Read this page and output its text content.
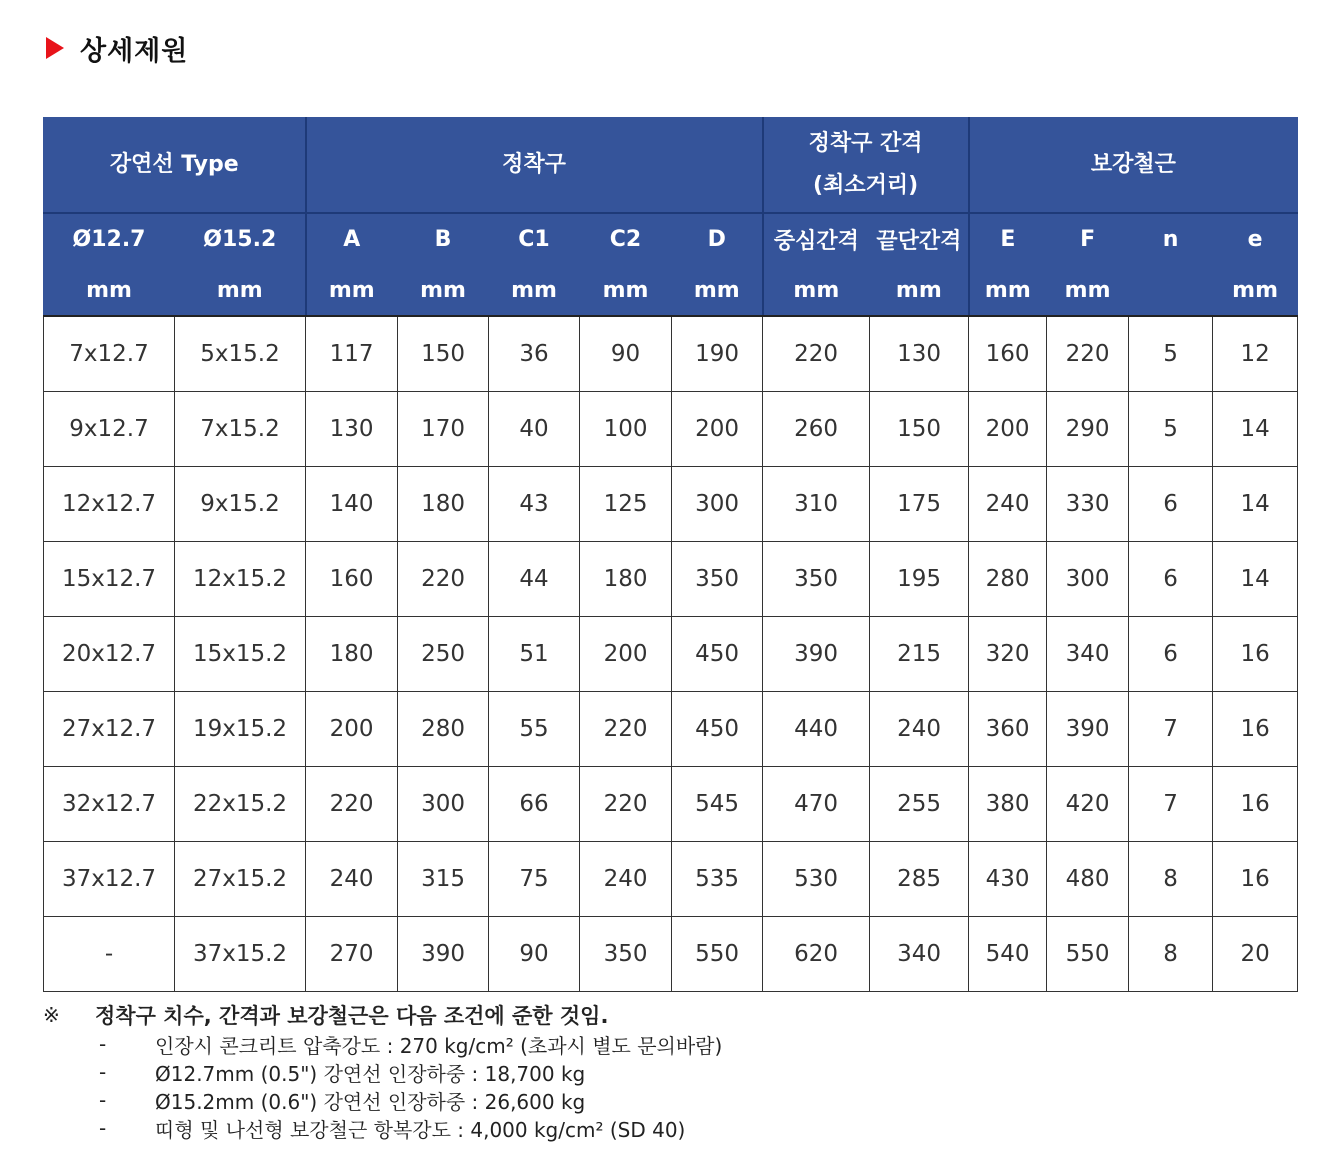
상세제원
강연선 Type		정착구					정착구 간격
(최소거리)		보강철근			
Ø12.7	Ø15.2	A	B	C1	C2	D	중심간격	끝단간격	E	F	n	e
mm	mm	mm	mm	mm	mm	mm	mm	mm	mm	mm		mm
7x12.7	5x15.2	117	150	36	90	190	220	130	160	220	5	12
9x12.7	7x15.2	130	170	40	100	200	260	150	200	290	5	14
12x12.7	9x15.2	140	180	43	125	300	310	175	240	330	6	14
15x12.7	12x15.2	160	220	44	180	350	350	195	280	300	6	14
20x12.7	15x15.2	180	250	51	200	450	390	215	320	340	6	16
27x12.7	19x15.2	200	280	55	220	450	440	240	360	390	7	16
32x12.7	22x15.2	220	300	66	220	545	470	255	380	420	7	16
37x12.7	27x15.2	240	315	75	240	535	530	285	430	480	8	16
-	37x15.2	270	390	90	350	550	620	340	540	550	8	20
※	정착구 치수, 간격과 보강철근은 다음 조건에 준한 것임.
-	인장시 콘크리트 압축강도 : 270 kg/cm² (초과시 별도 문의바람)
-	Ø12.7mm (0.5") 강연선 인장하중 : 18,700 kg
-	Ø15.2mm (0.6") 강연선 인장하중 : 26,600 kg
-	띠형 및 나선형 보강철근 항복강도 : 4,000 kg/cm² (SD 40)
